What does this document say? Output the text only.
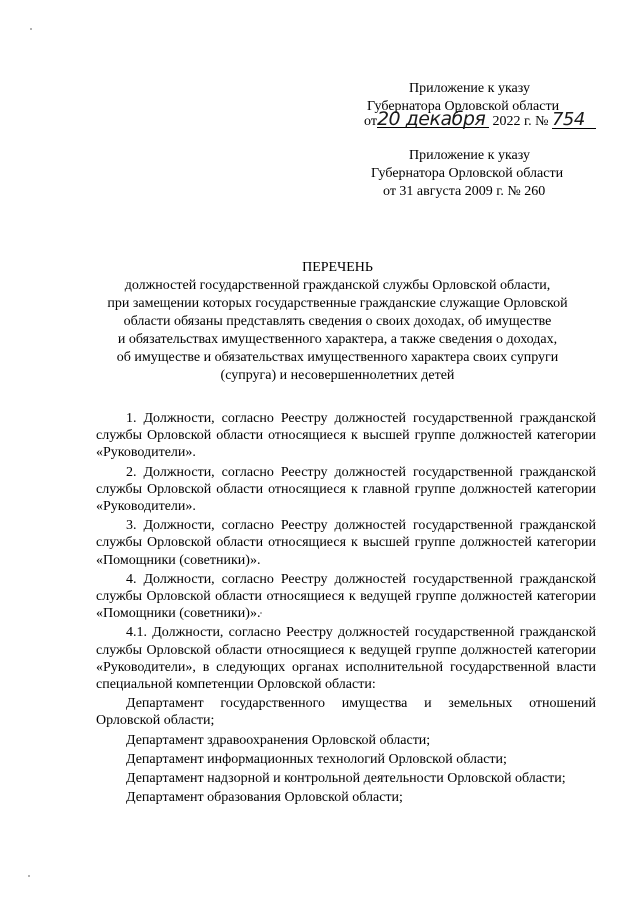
Приложение к указу
Губернатора Орловской области
от20 декабря 2022 г. № 754
Приложение к указу
Губернатора Орловской области
от 31 августа 2009 г. № 260
ПЕРЕЧЕНЬ
должностей государственной гражданской службы Орловской области,
при замещении которых государственные гражданские служащие Орловской
области обязаны представлять сведения о своих доходах, об имуществе
и обязательствах имущественного характера, а также сведения о доходах,
об имуществе и обязательствах имущественного характера своих супруги
(супруга) и несовершеннолетних детей

1. Должности, согласно Реестру должностей государственной гражданской службы Орловской области относящиеся к высшей группе должностей категории «Руководители».

2. Должности, согласно Реестру должностей государственной гражданской службы Орловской области относящиеся к главной группе должностей категории «Руководители».

3. Должности, согласно Реестру должностей государственной гражданской службы Орловской области относящиеся к высшей группе должностей категории «Помощники (советники)».

4. Должности, согласно Реестру должностей государственной гражданской службы Орловской области относящиеся к ведущей группе должностей категории «Помощники (советники)».

4.1. Должности, согласно Реестру должностей государственной гражданской службы Орловской области относящиеся к ведущей группе должностей категории «Руководители», в следующих органах исполнительной государственной власти специальной компетенции Орловской области:

Департамент государственного имущества и земельных отношений Орловской области;

Департамент здравоохранения Орловской области;

Департамент информационных технологий Орловской области;

Департамент надзорной и контрольной деятельности Орловской области;

Департамент образования Орловской области;
